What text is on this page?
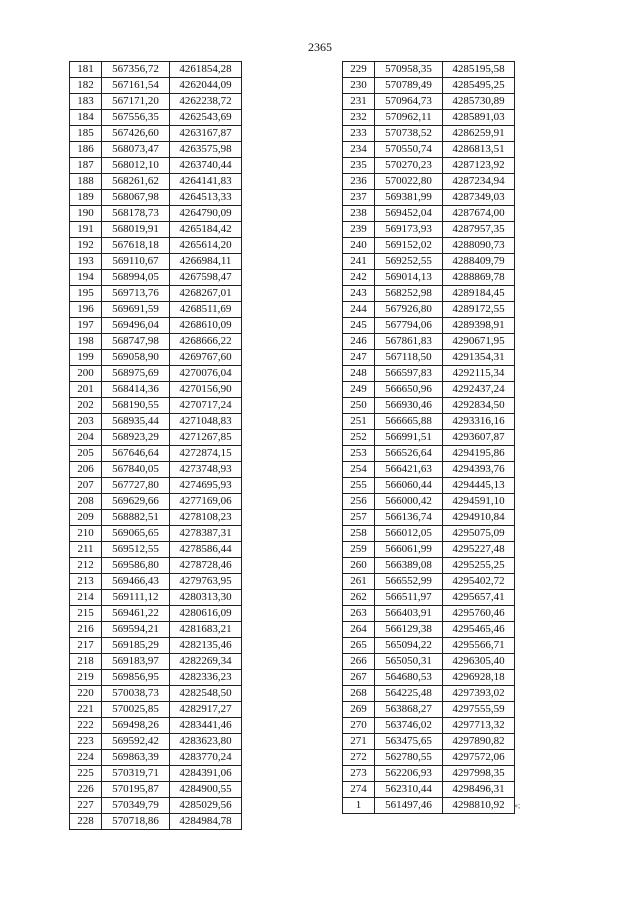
2365
181	567356,72	4261854,28
182	567161,54	4262044,09
183	567171,20	4262238,72
184	567556,35	4262543,69
185	567426,60	4263167,87
186	568073,47	4263575,98
187	568012,10	4263740,44
188	568261,62	4264141,83
189	568067,98	4264513,33
190	568178,73	4264790,09
191	568019,91	4265184,42
192	567618,18	4265614,20
193	569110,67	4266984,11
194	568994,05	4267598,47
195	569713,76	4268267,01
196	569691,59	4268511,69
197	569496,04	4268610,09
198	568747,98	4268666,22
199	569058,90	4269767,60
200	568975,69	4270076,04
201	568414,36	4270156,90
202	568190,55	4270717,24
203	568935,44	4271048,83
204	568923,29	4271267,85
205	567646,64	4272874,15
206	567840,05	4273748,93
207	567727,80	4274695,93
208	569629,66	4277169,06
209	568882,51	4278108,23
210	569065,65	4278387,31
211	569512,55	4278586,44
212	569586,80	4278728,46
213	569466,43	4279763,95
214	569111,12	4280313,30
215	569461,22	4280616,09
216	569594,21	4281683,21
217	569185,29	4282135,46
218	569183,97	4282269,34
219	569856,95	4282336,23
220	570038,73	4282548,50
221	570025,85	4282917,27
222	569498,26	4283441,46
223	569592,42	4283623,80
224	569863,39	4283770,24
225	570319,71	4284391,06
226	570195,87	4284900,55
227	570349,79	4285029,56
228	570718,86	4284984,78
229	570958,35	4285195,58
230	570789,49	4285495,25
231	570964,73	4285730,89
232	570962,11	4285891,03
233	570738,52	4286259,91
234	570550,74	4286813,51
235	570270,23	4287123,92
236	570022,80	4287234,94
237	569381,99	4287349,03
238	569452,04	4287674,00
239	569173,93	4287957,35
240	569152,02	4288090,73
241	569252,55	4288409,79
242	569014,13	4288869,78
243	568252,98	4289184,45
244	567926,80	4289172,55
245	567794,06	4289398,91
246	567861,83	4290671,95
247	567118,50	4291354,31
248	566597,83	4292115,34
249	566650,96	4292437,24
250	566930,46	4292834,50
251	566665,88	4293316,16
252	566991,51	4293607,87
253	566526,64	4294195,86
254	566421,63	4294393,76
255	566060,44	4294445,13
256	566000,42	4294591,10
257	566136,74	4294910,84
258	566012,05	4295075,09
259	566061,99	4295227,48
260	566389,08	4295255,25
261	566552,99	4295402,72
262	566511,97	4295657,41
263	566403,91	4295760,46
264	566129,38	4295465,46
265	565094,22	4295566,71
266	565050,31	4296305,40
267	564680,53	4296928,18
268	564225,48	4297393,02
269	563868,27	4297555,59
270	563746,02	4297713,32
271	563475,65	4297890,82
272	562780,55	4297572,06
273	562206,93	4297998,35
274	562310,44	4298496,31
1	561497,46	4298810,92 »;
